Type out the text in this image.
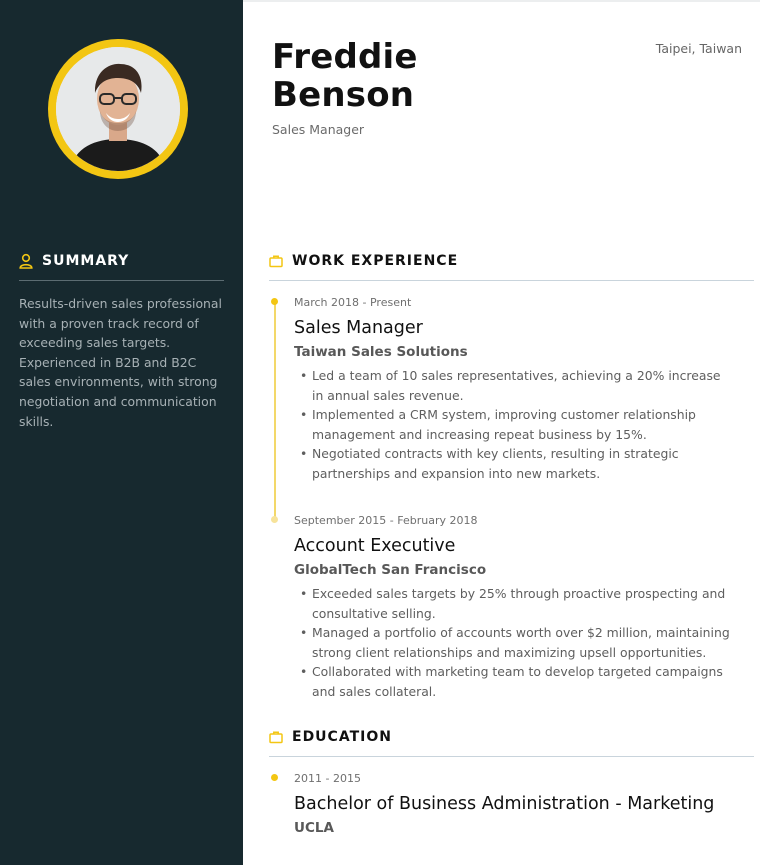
SUMMARY

Results-driven sales professional with a proven track record of exceeding sales targets. Experienced in B2B and B2C sales environments, with strong negotiation and communication skills.

Freddie
Benson
Sales Manager
Taipei, Taiwan
WORK EXPERIENCE
March 2018 - Present
Sales Manager
Taiwan Sales Solutions
• Led a team of 10 sales representatives, achieving a 20% increase in annual sales revenue.
• Implemented a CRM system, improving customer relationship management and increasing repeat business by 15%.
• Negotiated contracts with key clients, resulting in strategic partnerships and expansion into new markets.
September 2015 - February 2018
Account Executive
GlobalTech San Francisco
• Exceeded sales targets by 25% through proactive prospecting and consultative selling.
• Managed a portfolio of accounts worth over $2 million, maintaining strong client relationships and maximizing upsell opportunities.
• Collaborated with marketing team to develop targeted campaigns and sales collateral.
EDUCATION
2011 - 2015
Bachelor of Business Administration - Marketing
UCLA
